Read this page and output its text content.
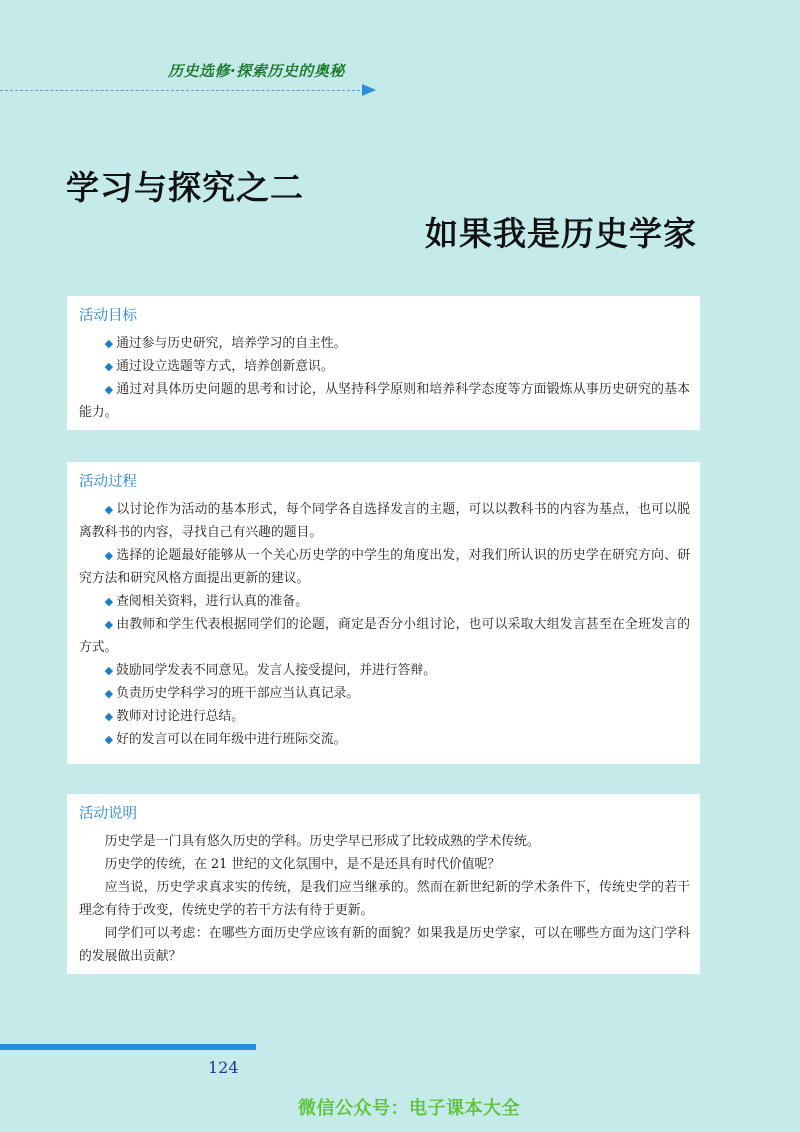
历史选修·探索历史的奥秘
学习与探究之二
如果我是历史学家
活动目标

◆ 通过参与历史研究，培养学习的自主性。

◆ 通过设立选题等方式，培养创新意识。

◆ 通过对具体历史问题的思考和讨论，从坚持科学原则和培养科学态度等方面锻炼从事历史研究的基本能力。

活动过程

◆ 以讨论作为活动的基本形式，每个同学各自选择发言的主题，可以以教科书的内容为基点，也可以脱离教科书的内容，寻找自己有兴趣的题目。

◆ 选择的论题最好能够从一个关心历史学的中学生的角度出发，对我们所认识的历史学在研究方向、研究方法和研究风格方面提出更新的建议。

◆ 查阅相关资料，进行认真的准备。

◆ 由教师和学生代表根据同学们的论题，商定是否分小组讨论，也可以采取大组发言甚至在全班发言的方式。

◆ 鼓励同学发表不同意见。发言人接受提问，并进行答辩。

◆ 负责历史学科学习的班干部应当认真记录。

◆ 教师对讨论进行总结。

◆ 好的发言可以在同年级中进行班际交流。

活动说明

历史学是一门具有悠久历史的学科。历史学早已形成了比较成熟的学术传统。

历史学的传统，在 21 世纪的文化氛围中，是不是还具有时代价值呢？

应当说，历史学求真求实的传统，是我们应当继承的。然而在新世纪新的学术条件下，传统史学的若干理念有待于改变，传统史学的若干方法有待于更新。

同学们可以考虑：在哪些方面历史学应该有新的面貌？如果我是历史学家，可以在哪些方面为这门学科的发展做出贡献？

124
微信公众号：电子课本大全
